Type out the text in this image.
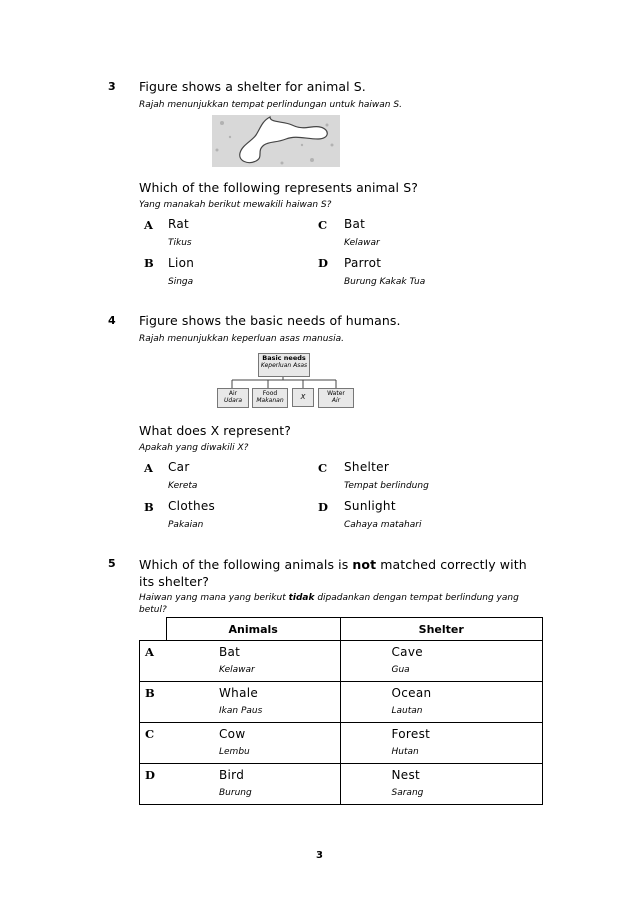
3 Figure shows a shelter for animal S.
Rajah menunjukkan tempat perlindungan untuk haiwan S.
Which of the following represents animal S?
Yang manakah berikut mewakili haiwan S?
A Rat
Tikus
B Lion
Singa
C Bat
Kelawar
D Parrot
Burung Kakak Tua
4 Figure shows the basic needs of humans.
Rajah menunjukkan keperluan asas manusia.
Basic needs
Keperluan Asas
Air
Udara
Food
Makanan	X	Water
Air
What does X represent?
Apakah yang diwakili X?
A Car
Kereta
B Clothes
Pakaian
C Shelter
Tempat berlindung
D Sunlight
Cahaya matahari
5 Which of the following animals is not matched correctly with its shelter?
Haiwan yang mana yang berikut tidak dipadankan dengan tempat berlindung yang betul?
	Animals	Shelter

A Bat
Kelawar		Cave
Gua

B Whale
Ikan Paus		Ocean
Lautan

C Cow
Lembu		Forest
Hutan

D Bird
Burung		Nest
Sarang
3
